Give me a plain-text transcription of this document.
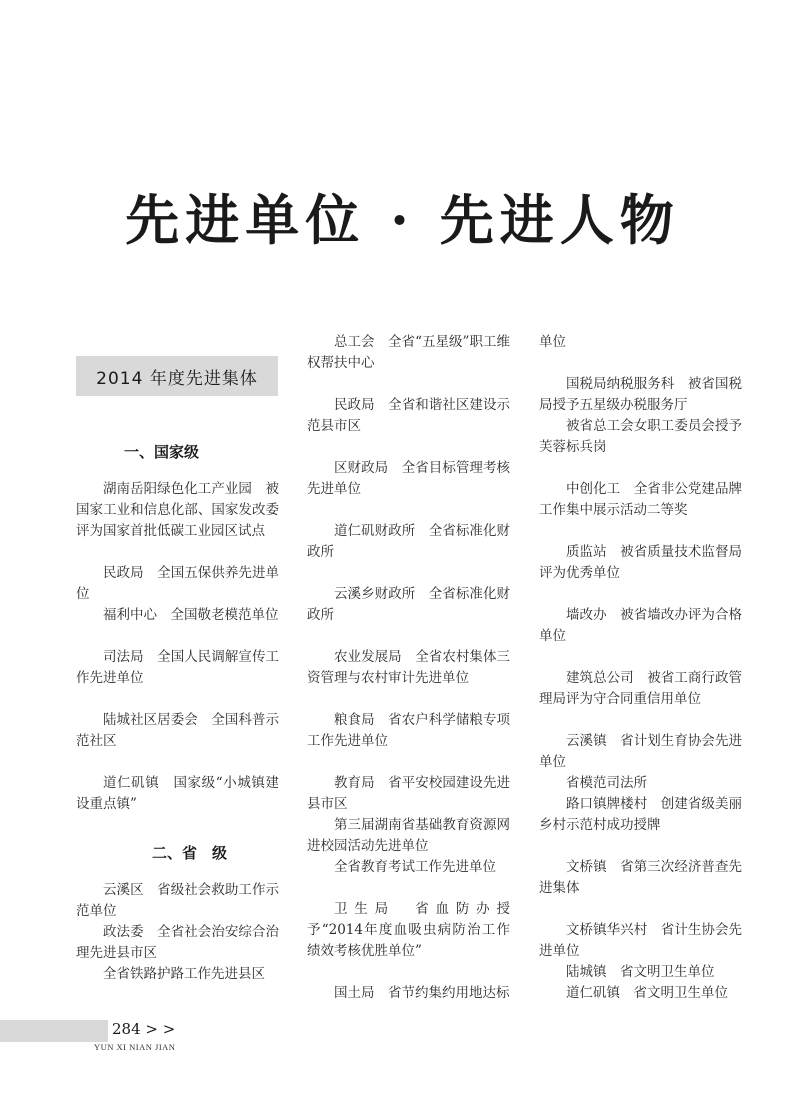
先进单位 · 先进人物
2014 年度先进集体
一、国家级
二、省　级
湖南岳阳绿色化工产业园　被国家工业和信息化部、国家发改委评为国家首批低碳工业园区试点
民政局　全国五保供养先进单位
福利中心　全国敬老模范单位
司法局　全国人民调解宣传工作先进单位
陆城社区居委会　全国科普示范社区
道仁矶镇　国家级“小城镇建设重点镇”
云溪区　省级社会救助工作示范单位
政法委　全省社会治安综合治理先进县市区
全省铁路护路工作先进县区
总工会　全省“五星级”职工维权帮扶中心
民政局　全省和谐社区建设示范县市区
区财政局　全省目标管理考核先进单位
道仁矶财政所　全省标准化财政所
云溪乡财政所　全省标准化财政所
农业发展局　全省农村集体三资管理与农村审计先进单位
粮食局　省农户科学储粮专项工作先进单位
教育局　省平安校园建设先进县市区
第三届湖南省基础教育资源网进校园活动先进单位
全省教育考试工作先进单位
卫生局　省血防办授予“2014年度血吸虫病防治工作绩效考核优胜单位”
国土局　省节约集约用地达标
单位
国税局纳税服务科　被省国税局授予五星级办税服务厅
被省总工会女职工委员会授予芙蓉标兵岗
中创化工　全省非公党建品牌工作集中展示活动二等奖
质监站　被省质量技术监督局评为优秀单位
墙改办　被省墙改办评为合格单位
建筑总公司　被省工商行政管理局评为守合同重信用单位
云溪镇　省计划生育协会先进单位
省模范司法所
路口镇牌楼村　创建省级美丽乡村示范村成功授牌
文桥镇　省第三次经济普查先进集体
文桥镇华兴村　省计生协会先进单位
陆城镇　省文明卫生单位
道仁矶镇　省文明卫生单位
284 > >
YUN XI NIAN JIAN
